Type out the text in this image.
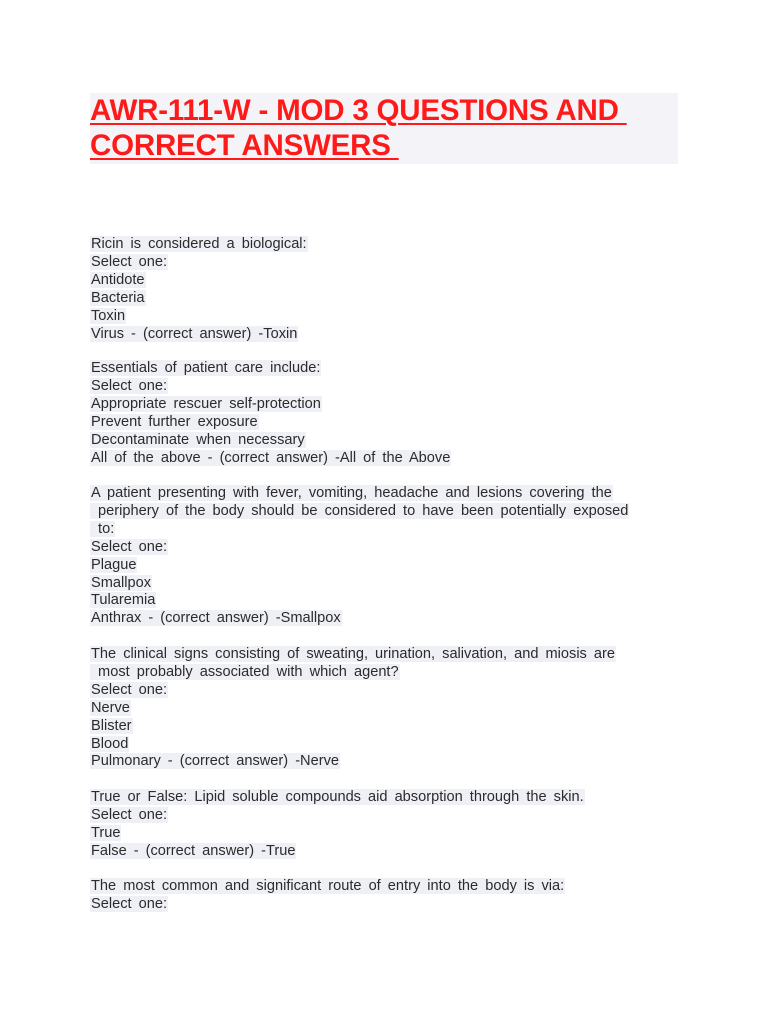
AWR-111-W - MOD 3 QUESTIONS AND
CORRECT ANSWERS
Ricin is considered a biological:
Select one:
Antidote
Bacteria
Toxin
Virus - (correct answer) -Toxin
Essentials of patient care include:
Select one:
Appropriate rescuer self-protection
Prevent further exposure
Decontaminate when necessary
All of the above - (correct answer) -All of the Above
A patient presenting with fever, vomiting, headache and lesions covering the
periphery of the body should be considered to have been potentially exposed
to:
Select one:
Plague
Smallpox
Tularemia
Anthrax - (correct answer) -Smallpox
The clinical signs consisting of sweating, urination, salivation, and miosis are
most probably associated with which agent?
Select one:
Nerve
Blister
Blood
Pulmonary - (correct answer) -Nerve
True or False: Lipid soluble compounds aid absorption through the skin.
Select one:
True
False - (correct answer) -True
The most common and significant route of entry into the body is via:
Select one:
